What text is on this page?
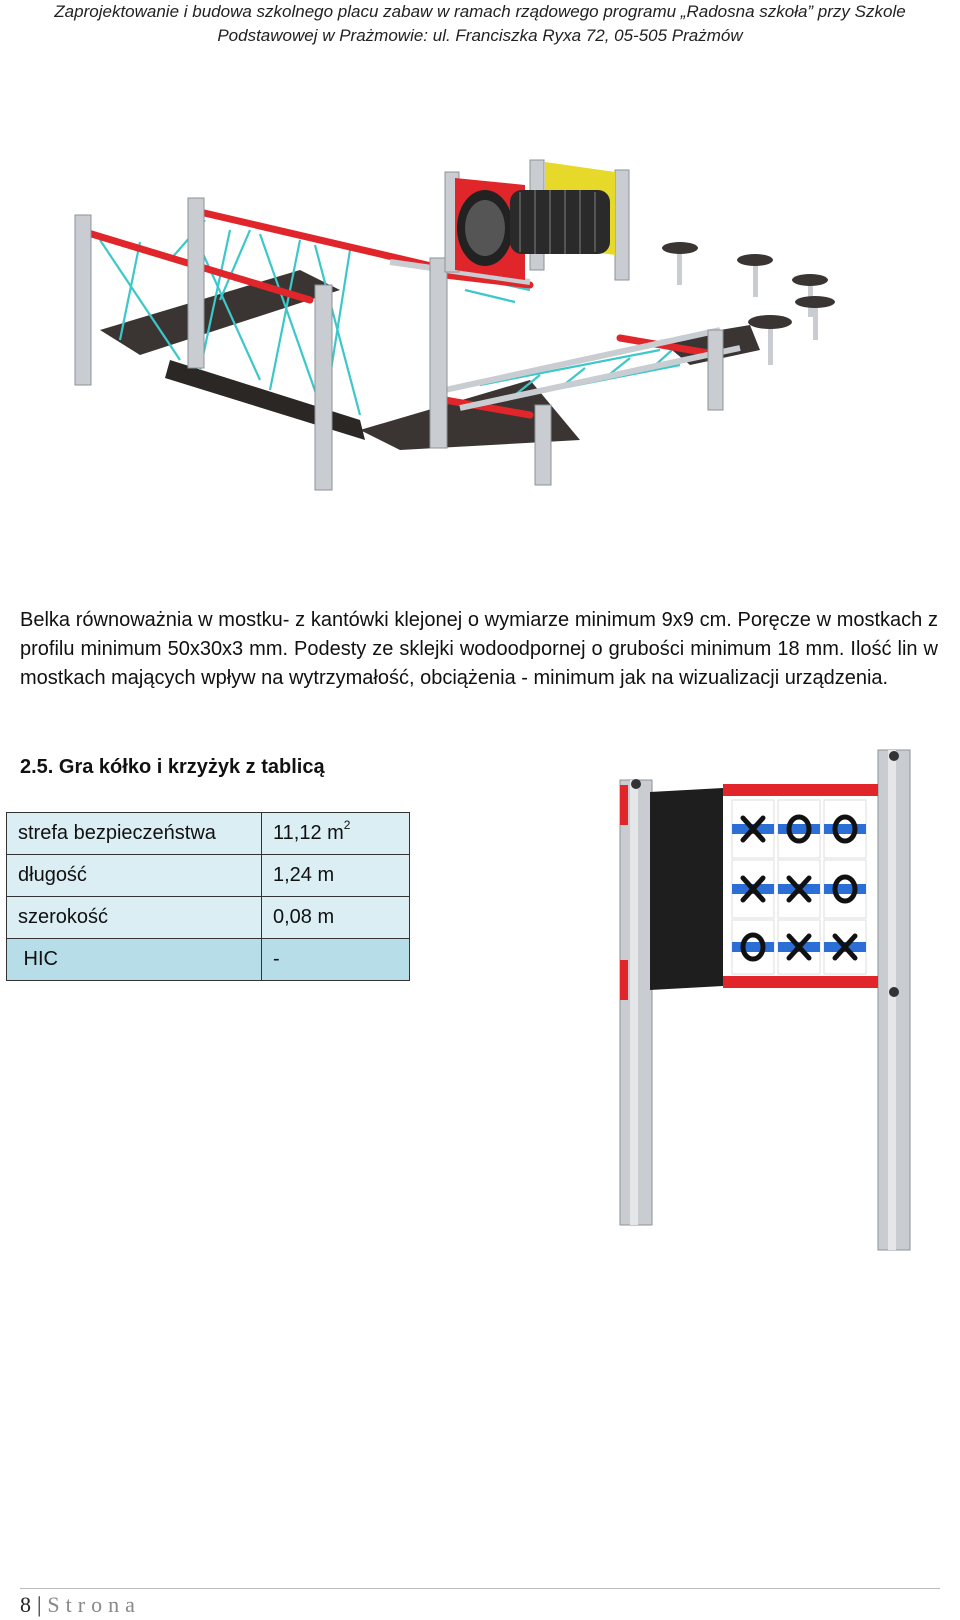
Zaprojektowanie i budowa szkolnego placu zabaw w ramach rządowego programu „Radosna szkoła” przy Szkole
Podstawowej w Prażmowie: ul. Franciszka Ryxa 72, 05-505 Prażmów
Belka równoważnia w mostku- z kantówki klejonej o wymiarze minimum 9x9 cm. Poręcze w mostkach z profilu minimum 50x30x3 mm. Podesty ze sklejki wodoodpornej o grubości minimum 18 mm. Ilość lin w mostkach mających wpływ na wytrzymałość, obciążenia - minimum jak na wizualizacji urządzenia.
2.5. Gra kółko i krzyżyk z tablicą
strefa bezpieczeństwa	11,12 $m^2$
długość	1,24 m
szerokość	0,08 m
HIC	-
8 | Strona
